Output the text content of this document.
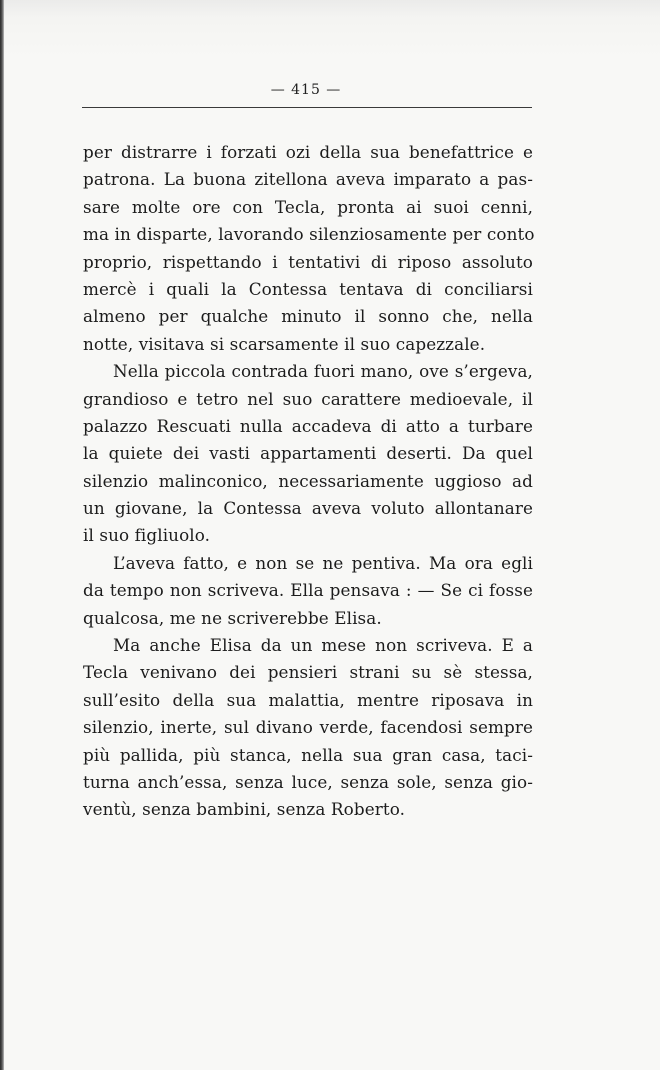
— 415 —
per distrarre i forzati ozi della sua benefattrice e
patrona. La buona zitellona aveva imparato a pas-
sare molte ore con Tecla, pronta ai suoi cenni,
ma in disparte, lavorando silenziosamente per conto
proprio, rispettando i tentativi di riposo assoluto
mercè i quali la Contessa tentava di conciliarsi
almeno per qualche minuto il sonno che, nella
notte, visitava si scarsamente il suo capezzale.
Nella piccola contrada fuori mano, ove s’ergeva,
grandioso e tetro nel suo carattere medioevale, il
palazzo Rescuati nulla accadeva di atto a turbare
la quiete dei vasti appartamenti deserti. Da quel
silenzio malinconico, necessariamente uggioso ad
un giovane, la Contessa aveva voluto allontanare
il suo figliuolo.
L’aveva fatto, e non se ne pentiva. Ma ora egli
da tempo non scriveva. Ella pensava : — Se ci fosse
qualcosa, me ne scriverebbe Elisa.
Ma anche Elisa da un mese non scriveva. E a
Tecla venivano dei pensieri strani su sè stessa,
sull’esito della sua malattia, mentre riposava in
silenzio, inerte, sul divano verde, facendosi sempre
più pallida, più stanca, nella sua gran casa, taci-
turna anch’essa, senza luce, senza sole, senza gio-
ventù, senza bambini, senza Roberto.
